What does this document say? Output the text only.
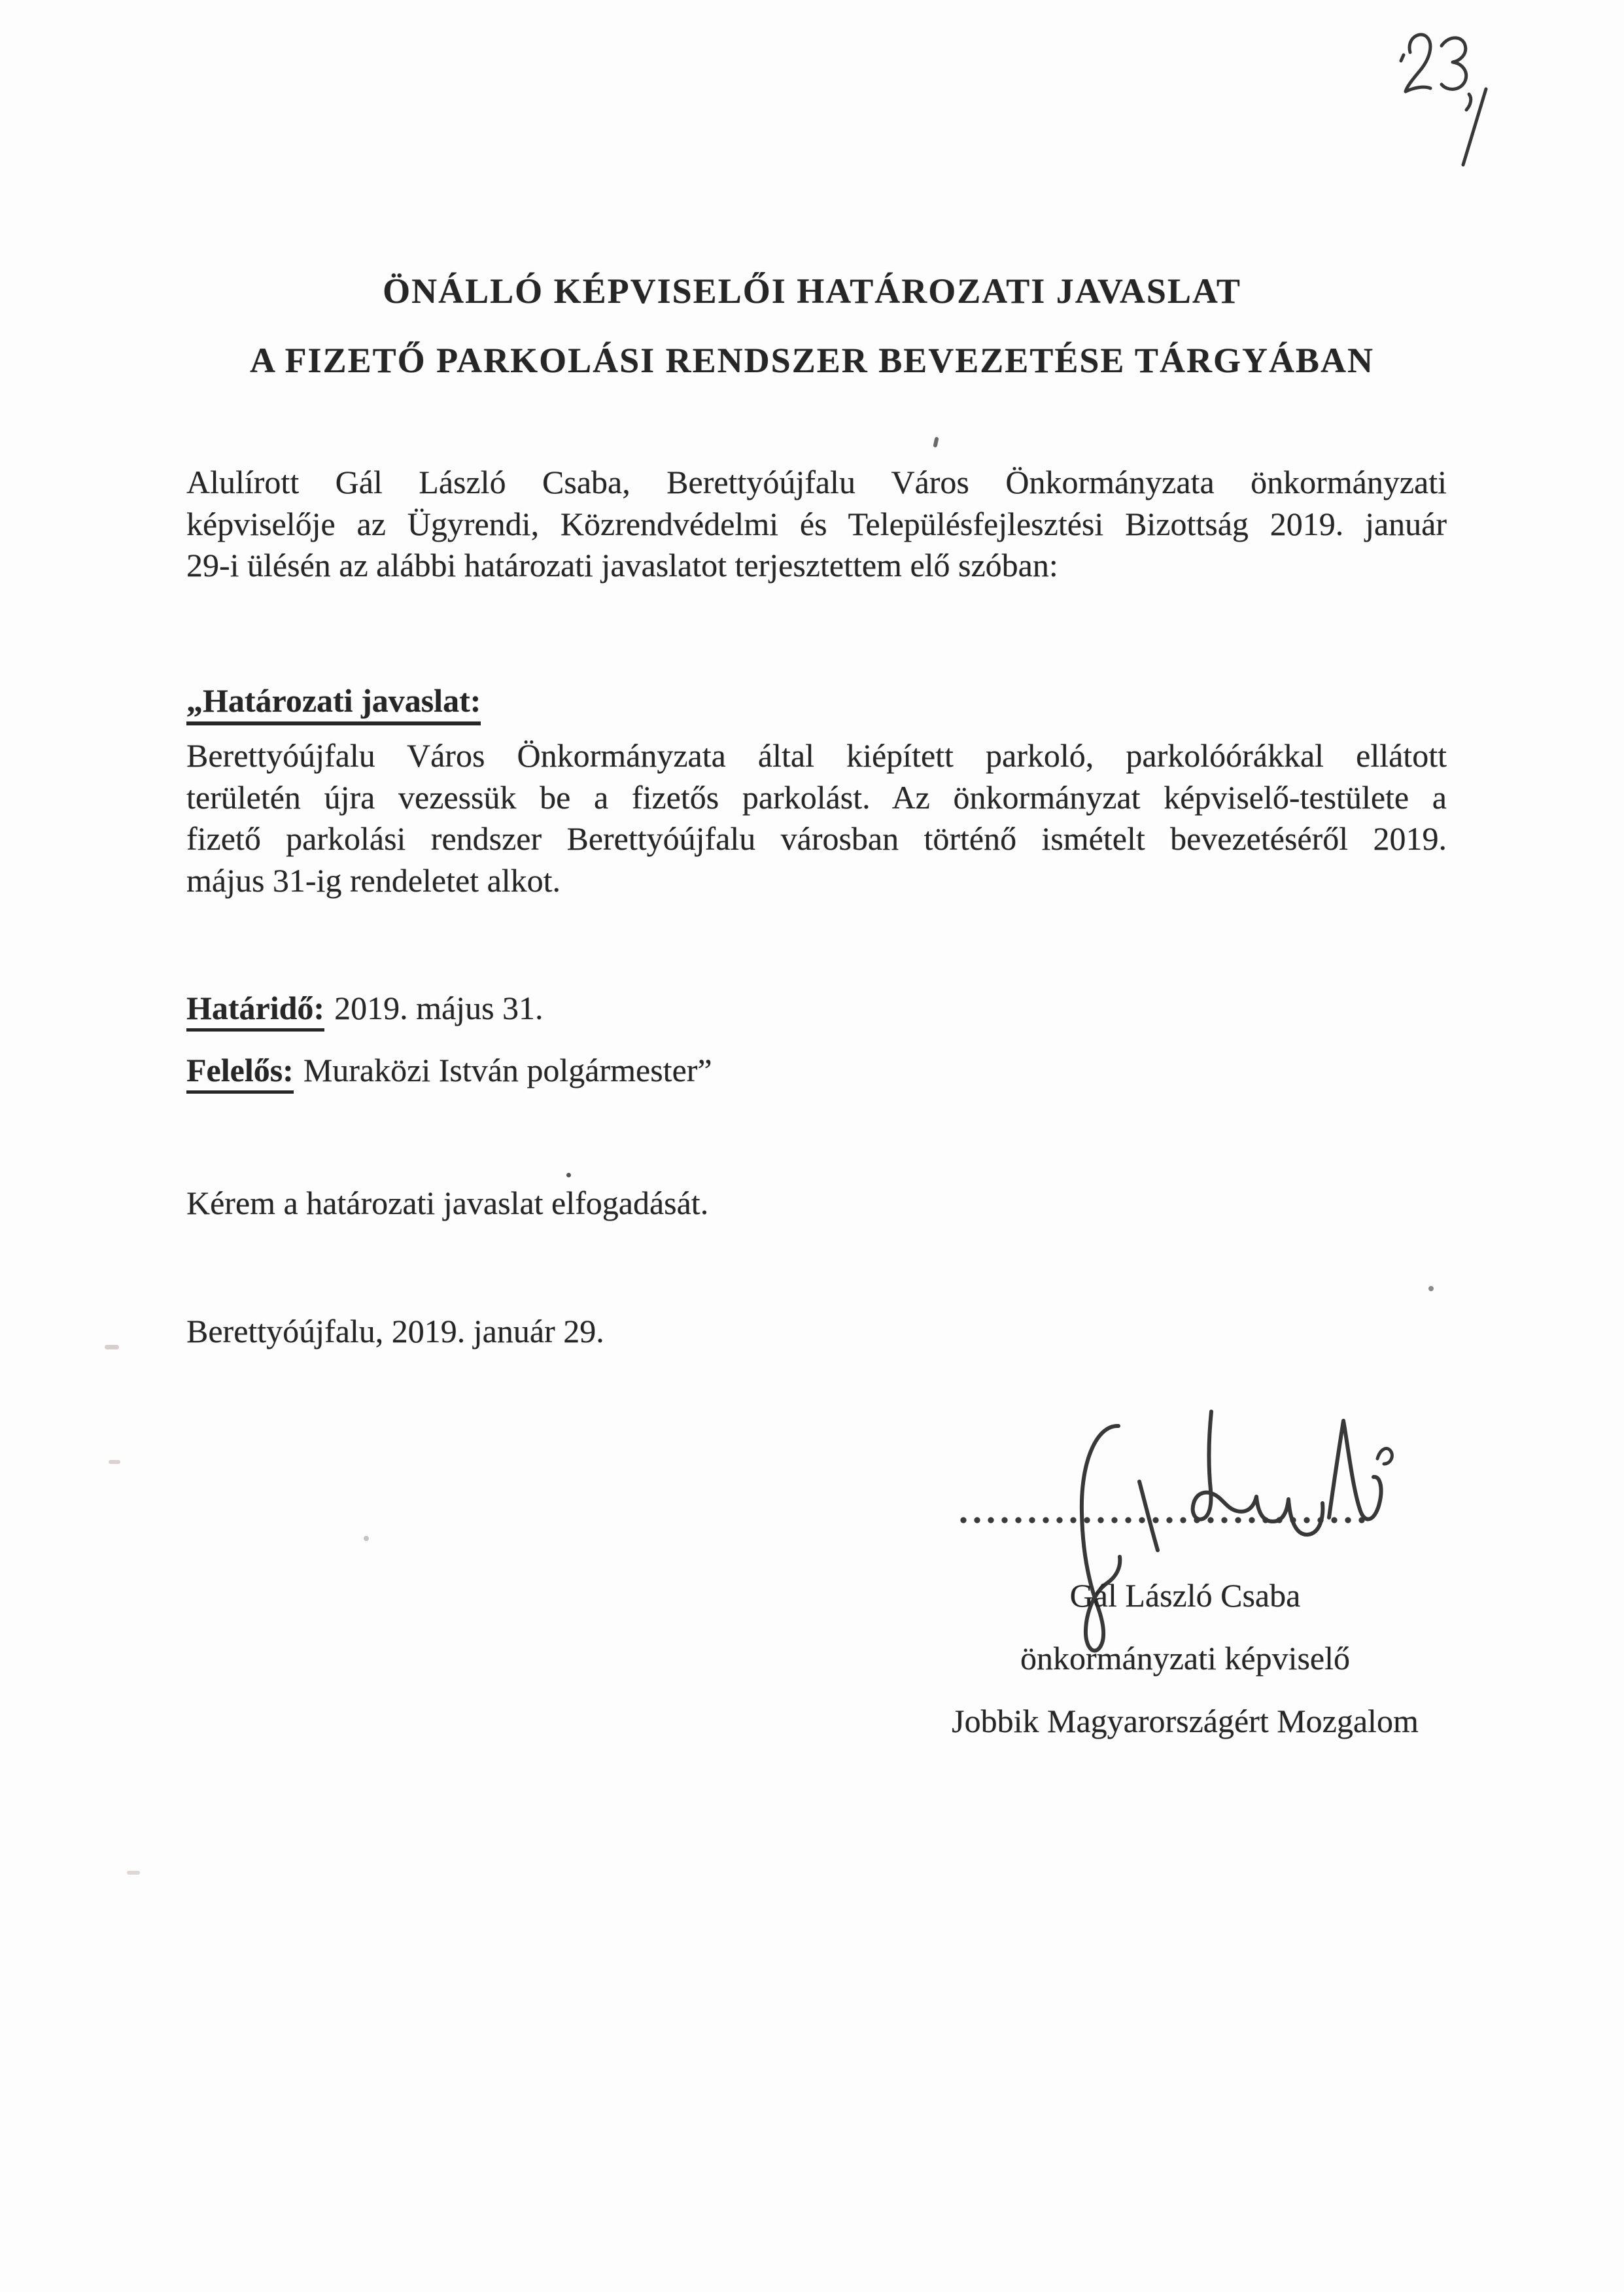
ÖNÁLLÓ KÉPVISELŐI HATÁROZATI JAVASLAT
A FIZETŐ PARKOLÁSI RENDSZER BEVEZETÉSE TÁRGYÁBAN
Alulírott Gál László Csaba, Berettyóújfalu Város Önkormányzata önkormányzati
képviselője az Ügyrendi, Közrendvédelmi és Településfejlesztési Bizottság 2019. január
29-i ülésén az alábbi határozati javaslatot terjesztettem elő szóban:
„Határozati javaslat:
Berettyóújfalu Város Önkormányzata által kiépített parkoló, parkolóórákkal ellátott
területén újra vezessük be a fizetős parkolást. Az önkormányzat képviselő-testülete a
fizető parkolási rendszer Berettyóújfalu városban történő ismételt bevezetéséről 2019.
május 31-ig rendeletet alkot.
Határidő: 2019. május 31.
Felelős: Muraközi István polgármester”
Kérem a határozati javaslat elfogadását.
Berettyóújfalu, 2019. január 29.
Gál László Csaba
önkormányzati képviselő
Jobbik Magyarországért Mozgalom
